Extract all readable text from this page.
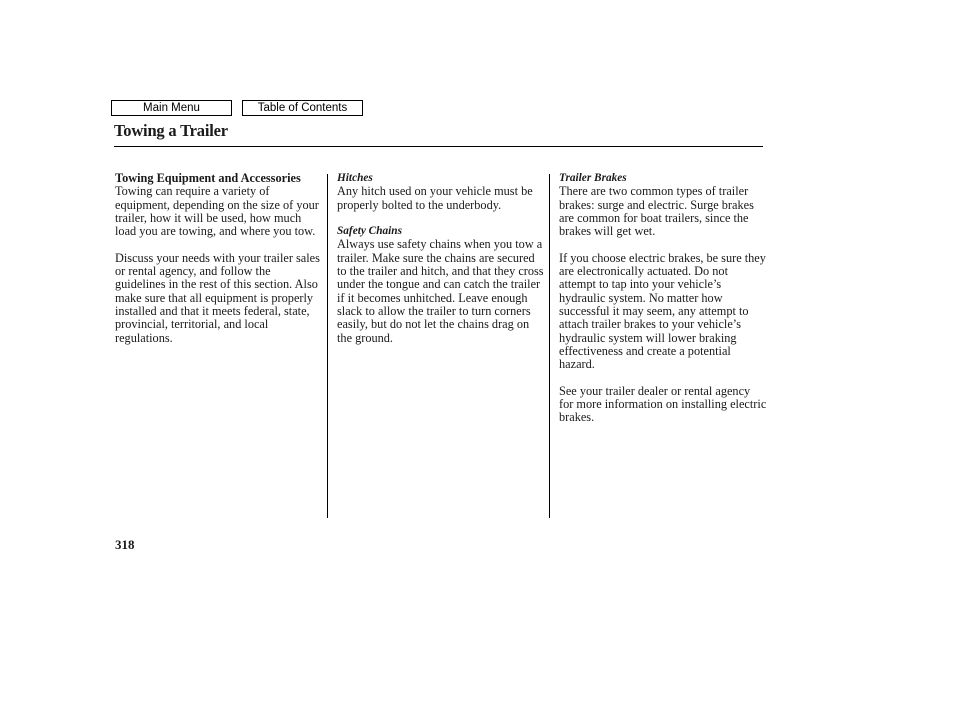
Main Menu	Table of Contents
Towing a Trailer
Towing Equipment and Accessories

Towing can require a variety of equipment, depending on the size of your trailer, how it will be used, how much load you are towing, and where you tow.

Discuss your needs with your trailer sales or rental agency, and follow the guidelines in the rest of this section. Also make sure that all equipment is properly installed and that it meets federal, state, provincial, territorial, and local regulations.

Hitches

Any hitch used on your vehicle must be properly bolted to the underbody.

Safety Chains

Always use safety chains when you tow a trailer. Make sure the chains are secured to the trailer and hitch, and that they cross under the tongue and can catch the trailer if it becomes unhitched. Leave enough slack to allow the trailer to turn corners easily, but do not let the chains drag on the ground.

Trailer Brakes

There are two common types of trailer brakes: surge and electric. Surge brakes are common for boat trailers, since the brakes will get wet.

If you choose electric brakes, be sure they are electronically actuated. Do not attempt to tap into your vehicle’s hydraulic system. No matter how successful it may seem, any attempt to attach trailer brakes to your vehicle’s hydraulic system will lower braking effectiveness and create a potential hazard.

See your trailer dealer or rental agency for more information on installing electric brakes.

318
